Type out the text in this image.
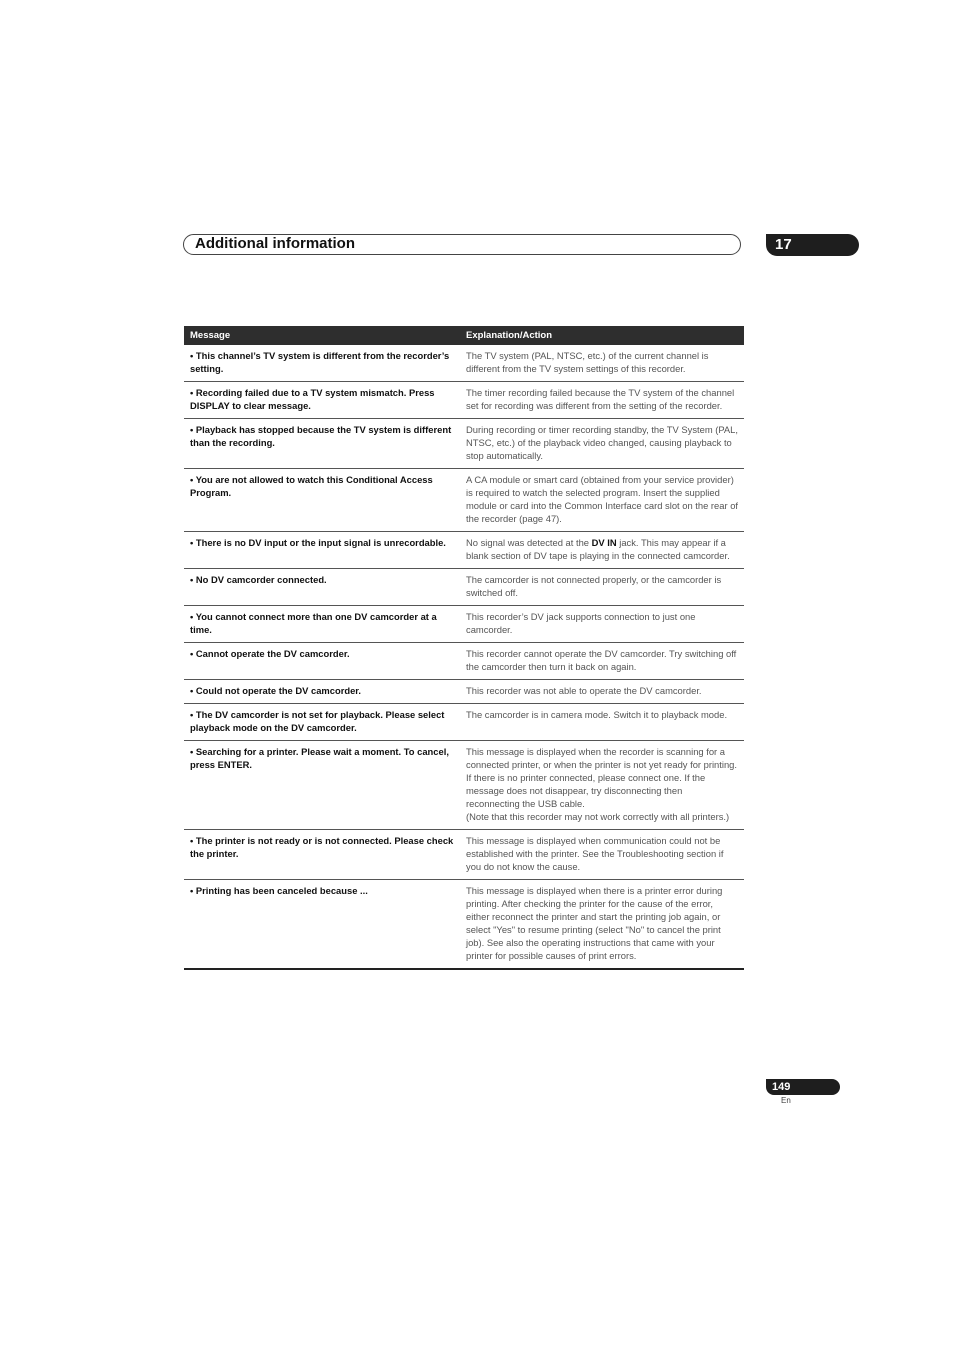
Additional information	17
Message	Explanation/Action
• This channel’s TV system is different from the recorder’s setting.	The TV system (PAL, NTSC, etc.) of the current channel is different from the TV system settings of this recorder.
• Recording failed due to a TV system mismatch. Press DISPLAY to clear message.	The timer recording failed because the TV system of the channel set for recording was different from the setting of the recorder.
• Playback has stopped because the TV system is different than the recording.	During recording or timer recording standby, the TV System (PAL, NTSC, etc.) of the playback video changed, causing playback to stop automatically.
• You are not allowed to watch this Conditional Access Program.	A CA module or smart card (obtained from your service provider) is required to watch the selected program. Insert the supplied module or card into the Common Interface card slot on the rear of the recorder (page 47).
• There is no DV input or the input signal is unrecordable.	No signal was detected at the DV IN jack. This may appear if a blank section of DV tape is playing in the connected camcorder.
• No DV camcorder connected.	The camcorder is not connected properly, or the camcorder is switched off.
• You cannot connect more than one DV camcorder at a time.	This recorder’s DV jack supports connection to just one camcorder.
• Cannot operate the DV camcorder.	This recorder cannot operate the DV camcorder. Try switching off the camcorder then turn it back on again.
• Could not operate the DV camcorder.	This recorder was not able to operate the DV camcorder.
• The DV camcorder is not set for playback. Please select playback mode on the DV camcorder.	The camcorder is in camera mode. Switch it to playback mode.
• Searching for a printer. Please wait a moment. To cancel, press ENTER.	This message is displayed when the recorder is scanning for a connected printer, or when the printer is not yet ready for printing. If there is no printer connected, please connect one. If the message does not disappear, try disconnecting then reconnecting the USB cable.
(Note that this recorder may not work correctly with all printers.)
• The printer is not ready or is not connected. Please check the printer.	This message is displayed when communication could not be established with the printer. See the Troubleshooting section if you do not know the cause.
• Printing has been canceled because ...	This message is displayed when there is a printer error during printing. After checking the printer for the cause of the error, either reconnect the printer and start the printing job again, or select "Yes" to resume printing (select "No" to cancel the print job). See also the operating instructions that came with your printer for possible causes of print errors.
149
En
